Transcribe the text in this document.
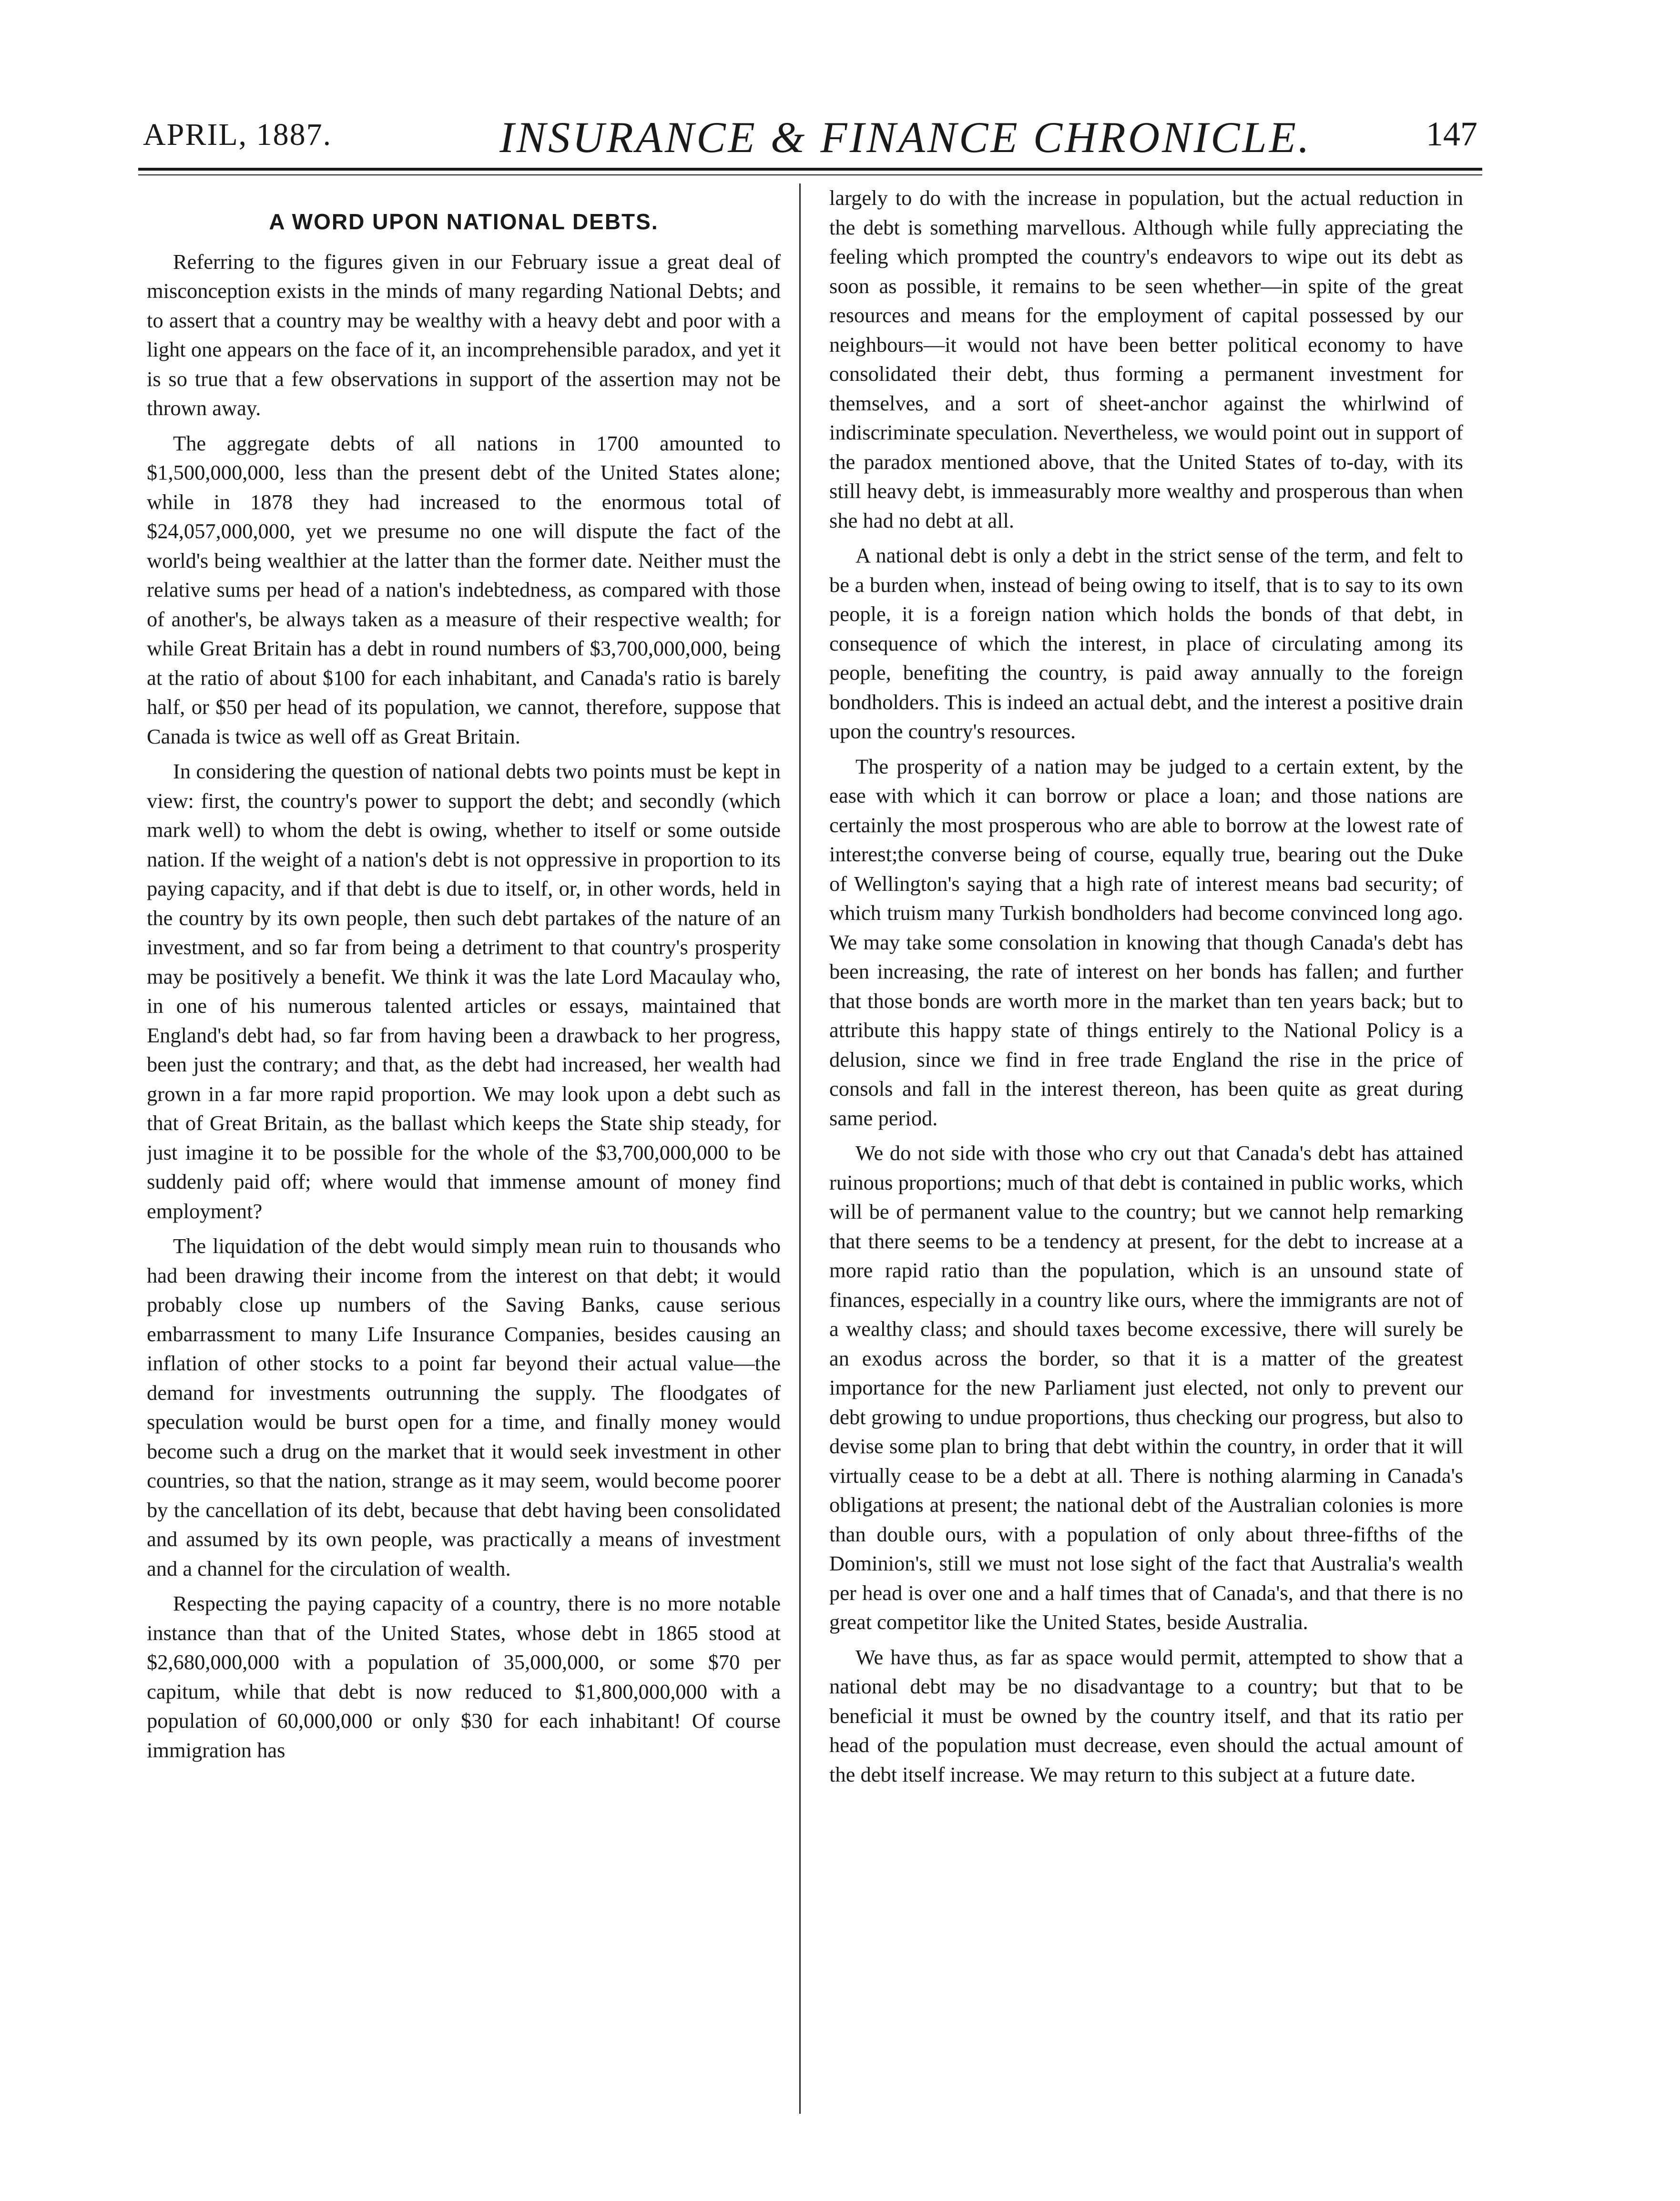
APRIL, 1887.	INSURANCE & FINANCE CHRONICLE.	147
A WORD UPON NATIONAL DEBTS.

Referring to the figures given in our February issue a great deal of misconception exists in the minds of many regarding National Debts; and to assert that a country may be wealthy with a heavy debt and poor with a light one appears on the face of it, an incomprehensible paradox, and yet it is so true that a few observations in support of the assertion may not be thrown away.

The aggregate debts of all nations in 1700 amounted to $1,500,000,000, less than the present debt of the United States alone; while in 1878 they had increased to the enormous total of $24,057,000,000, yet we presume no one will dispute the fact of the world's being wealthier at the latter than the former date. Neither must the relative sums per head of a nation's indebtedness, as compared with those of another's, be always taken as a measure of their respective wealth; for while Great Britain has a debt in round numbers of $3,700,000,000, being at the ratio of about $100 for each inhabitant, and Canada's ratio is barely half, or $50 per head of its population, we cannot, therefore, suppose that Canada is twice as well off as Great Britain.

In considering the question of national debts two points must be kept in view: first, the country's power to support the debt; and secondly (which mark well) to whom the debt is owing, whether to itself or some outside nation. If the weight of a nation's debt is not oppressive in proportion to its paying capacity, and if that debt is due to itself, or, in other words, held in the country by its own people, then such debt partakes of the nature of an investment, and so far from being a detriment to that country's prosperity may be positively a benefit. We think it was the late Lord Macaulay who, in one of his numerous talented articles or essays, maintained that England's debt had, so far from having been a drawback to her progress, been just the contrary; and that, as the debt had increased, her wealth had grown in a far more rapid proportion. We may look upon a debt such as that of Great Britain, as the ballast which keeps the State ship steady, for just imagine it to be possible for the whole of the $3,700,000,000 to be suddenly paid off; where would that immense amount of money find employment?

The liquidation of the debt would simply mean ruin to thousands who had been drawing their income from the interest on that debt; it would probably close up numbers of the Saving Banks, cause serious embarrassment to many Life Insurance Companies, besides causing an inflation of other stocks to a point far beyond their actual value—the demand for investments outrunning the supply. The floodgates of speculation would be burst open for a time, and finally money would become such a drug on the market that it would seek investment in other countries, so that the nation, strange as it may seem, would become poorer by the cancellation of its debt, because that debt having been consolidated and assumed by its own people, was practically a means of investment and a channel for the circulation of wealth.

Respecting the paying capacity of a country, there is no more notable instance than that of the United States, whose debt in 1865 stood at $2,680,000,000 with a population of 35,000,000, or some $70 per capitum, while that debt is now reduced to $1,800,000,000 with a population of 60,000,000 or only $30 for each inhabitant! Of course immigration has

largely to do with the increase in population, but the actual reduction in the debt is something marvellous. Although while fully appreciating the feeling which prompted the country's endeavors to wipe out its debt as soon as possible, it remains to be seen whether—in spite of the great resources and means for the employment of capital possessed by our neighbours—it would not have been better political economy to have consolidated their debt, thus forming a permanent investment for themselves, and a sort of sheet-anchor against the whirlwind of indiscriminate speculation. Nevertheless, we would point out in support of the paradox mentioned above, that the United States of to-day, with its still heavy debt, is immeasurably more wealthy and prosperous than when she had no debt at all.

A national debt is only a debt in the strict sense of the term, and felt to be a burden when, instead of being owing to itself, that is to say to its own people, it is a foreign nation which holds the bonds of that debt, in consequence of which the interest, in place of circulating among its people, benefiting the country, is paid away annually to the foreign bondholders. This is indeed an actual debt, and the interest a positive drain upon the country's resources.

The prosperity of a nation may be judged to a certain extent, by the ease with which it can borrow or place a loan; and those nations are certainly the most prosperous who are able to borrow at the lowest rate of interest;the converse being of course, equally true, bearing out the Duke of Wellington's saying that a high rate of interest means bad security; of which truism many Turkish bondholders had become convinced long ago. We may take some consolation in knowing that though Canada's debt has been increasing, the rate of interest on her bonds has fallen; and further that those bonds are worth more in the market than ten years back; but to attribute this happy state of things entirely to the National Policy is a delusion, since we find in free trade England the rise in the price of consols and fall in the interest thereon, has been quite as great during same period.

We do not side with those who cry out that Canada's debt has attained ruinous proportions; much of that debt is contained in public works, which will be of permanent value to the country; but we cannot help remarking that there seems to be a tendency at present, for the debt to increase at a more rapid ratio than the population, which is an unsound state of finances, especially in a country like ours, where the immigrants are not of a wealthy class; and should taxes become excessive, there will surely be an exodus across the border, so that it is a matter of the greatest importance for the new Parliament just elected, not only to prevent our debt growing to undue proportions, thus checking our progress, but also to devise some plan to bring that debt within the country, in order that it will virtually cease to be a debt at all. There is nothing alarming in Canada's obligations at present; the national debt of the Australian colonies is more than double ours, with a population of only about three-fifths of the Dominion's, still we must not lose sight of the fact that Australia's wealth per head is over one and a half times that of Canada's, and that there is no great competitor like the United States, beside Australia.

We have thus, as far as space would permit, attempted to show that a national debt may be no disadvantage to a country; but that to be beneficial it must be owned by the country itself, and that its ratio per head of the population must decrease, even should the actual amount of the debt itself increase. We may return to this subject at a future date.
